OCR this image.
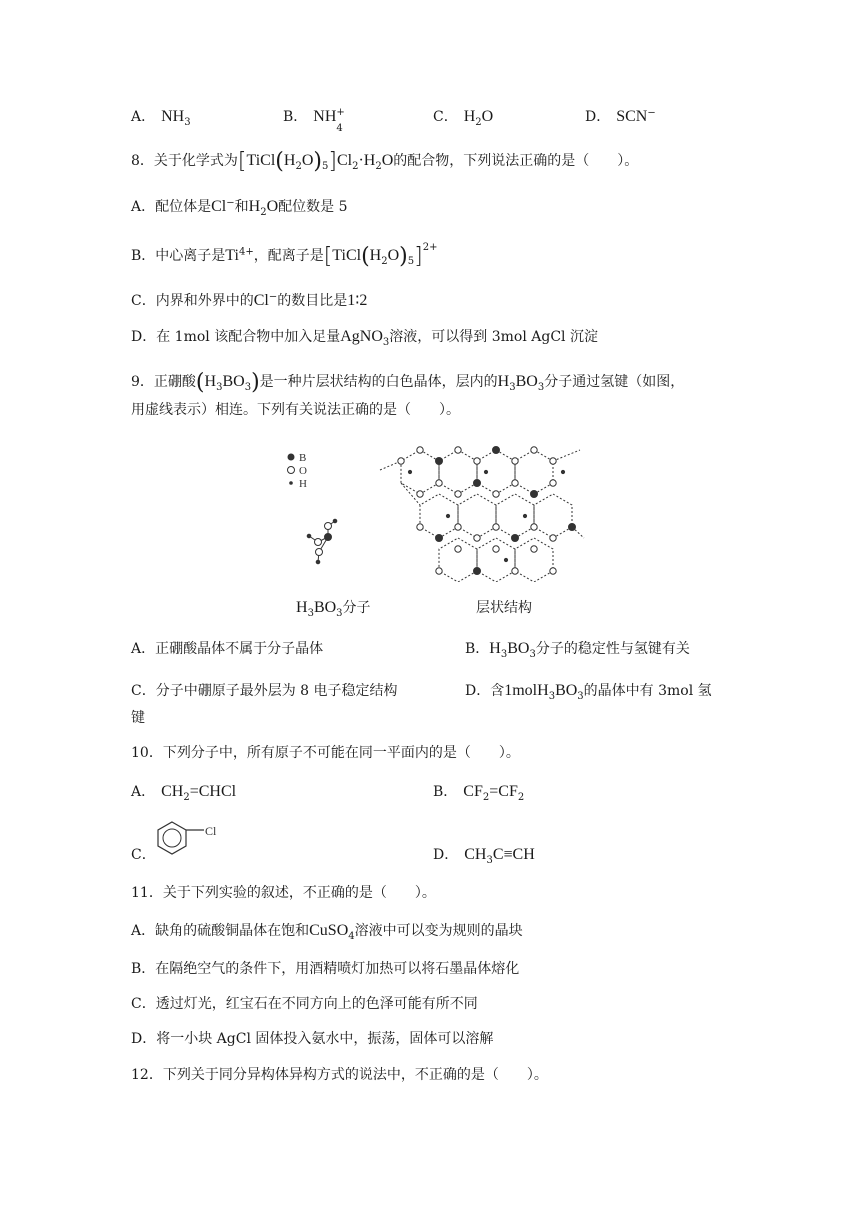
A． $NH_3$	B． NH +
4
C． $H_2O$	D． SCN−
8．关于化学式为$[TiCl(H_2O)_5]Cl_2\cdot H_2O$的配合物，下列说法正确的是（　　）。
A．配位体是Cl−和$H_2O$配位数是 5
B．中心离子是$Ti^{4+}$，配离子是$[TiCl(H_2O)_5]^{2+}$
C．内界和外界中的Cl−的数目比是1∶2
D．在 1mol 该配合物中加入足量AgNO$_3$溶液，可以得到 3mol AgCl 沉淀
9．正硼酸$(H_3BO_3)$是一种片层状结构的白色晶体，层内的$H_3BO_3$分子通过氢键（如图，
用虚线表示）相连。下列有关说法正确的是（　　）。
B
O
H
$H_3BO_3$分子	层状结构
A．正硼酸晶体不属于分子晶体	B．$H_3BO_3$分子的稳定性与氢键有关
C．分子中硼原子最外层为 8 电子稳定结构	D．含$1molH_3BO_3$的晶体中有 3mol 氢
键
10．下列分子中，所有原子不可能在同一平面内的是（　　）。
A． $CH_2=CHCl$	B． $CF_2=CF_2$
C．
Cl
D． $CH_3C\equiv CH$
11．关于下列实验的叙述，不正确的是（　　）。
A．缺角的硫酸铜晶体在饱和CuSO$_4$溶液中可以变为规则的晶块
B．在隔绝空气的条件下，用酒精喷灯加热可以将石墨晶体熔化
C．透过灯光，红宝石在不同方向上的色泽可能有所不同
D．将一小块 AgCl 固体投入氨水中，振荡，固体可以溶解
12．下列关于同分异构体异构方式的说法中，不正确的是（　　）。
